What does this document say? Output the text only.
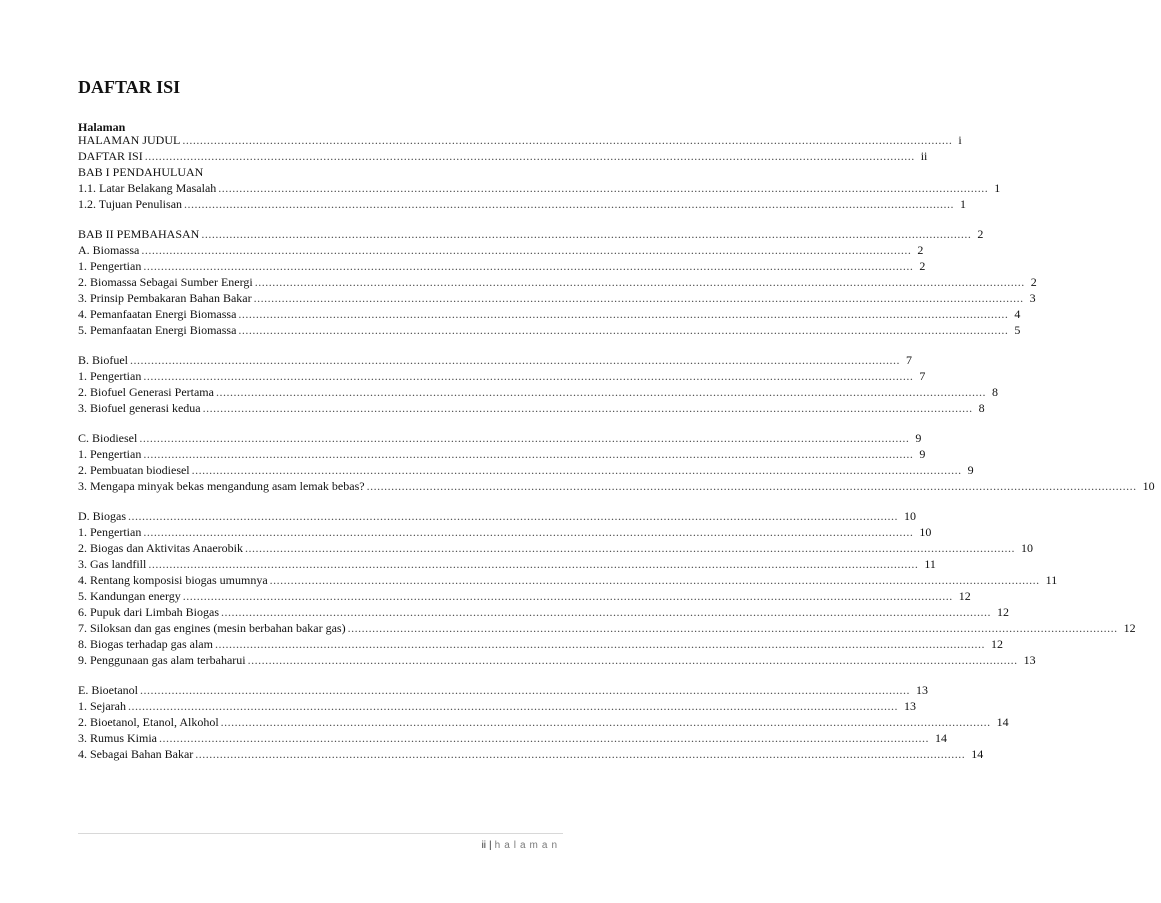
DAFTAR ISI
Halaman
HALAMAN JUDUL ............................................................................................................................................................................................................................ i
DAFTAR ISI ............................................................................................................................................................................................................................ ii
BAB I PENDAHULUAN
1.1. Latar Belakang Masalah ............................................................................................................................................................................................................................ 1
1.2. Tujuan Penulisan ............................................................................................................................................................................................................................ 1
BAB II PEMBAHASAN ............................................................................................................................................................................................................................ 2
A. Biomassa ............................................................................................................................................................................................................................ 2
1. Pengertian ............................................................................................................................................................................................................................ 2
2. Biomassa Sebagai Sumber Energi ............................................................................................................................................................................................................................ 2
3. Prinsip Pembakaran Bahan Bakar ............................................................................................................................................................................................................................ 3
4. Pemanfaatan Energi Biomassa ............................................................................................................................................................................................................................ 4
5. Pemanfaatan Energi Biomassa ............................................................................................................................................................................................................................ 5
B. Biofuel ............................................................................................................................................................................................................................ 7
1. Pengertian ............................................................................................................................................................................................................................ 7
2. Biofuel Generasi Pertama ............................................................................................................................................................................................................................ 8
3. Biofuel generasi kedua ............................................................................................................................................................................................................................ 8
C. Biodiesel ............................................................................................................................................................................................................................ 9
1. Pengertian ............................................................................................................................................................................................................................ 9
2. Pembuatan biodiesel ............................................................................................................................................................................................................................ 9
3. Mengapa minyak bekas mengandung asam lemak bebas? ............................................................................................................................................................................................................................ 10
D. Biogas ............................................................................................................................................................................................................................ 10
1. Pengertian ............................................................................................................................................................................................................................ 10
2. Biogas dan Aktivitas Anaerobik ............................................................................................................................................................................................................................ 10
3. Gas landfill ............................................................................................................................................................................................................................ 11
4. Rentang komposisi biogas umumnya ............................................................................................................................................................................................................................ 11
5. Kandungan energy ............................................................................................................................................................................................................................ 12
6. Pupuk dari Limbah Biogas ............................................................................................................................................................................................................................ 12
7. Siloksan dan gas engines (mesin berbahan bakar gas) ............................................................................................................................................................................................................................ 12
8. Biogas terhadap gas alam ............................................................................................................................................................................................................................ 12
9. Penggunaan gas alam terbaharui ............................................................................................................................................................................................................................ 13
E. Bioetanol ............................................................................................................................................................................................................................ 13
1. Sejarah ............................................................................................................................................................................................................................ 13
2. Bioetanol, Etanol, Alkohol ............................................................................................................................................................................................................................ 14
3. Rumus Kimia ............................................................................................................................................................................................................................ 14
4. Sebagai Bahan Bakar ............................................................................................................................................................................................................................ 14
ii | halaman
